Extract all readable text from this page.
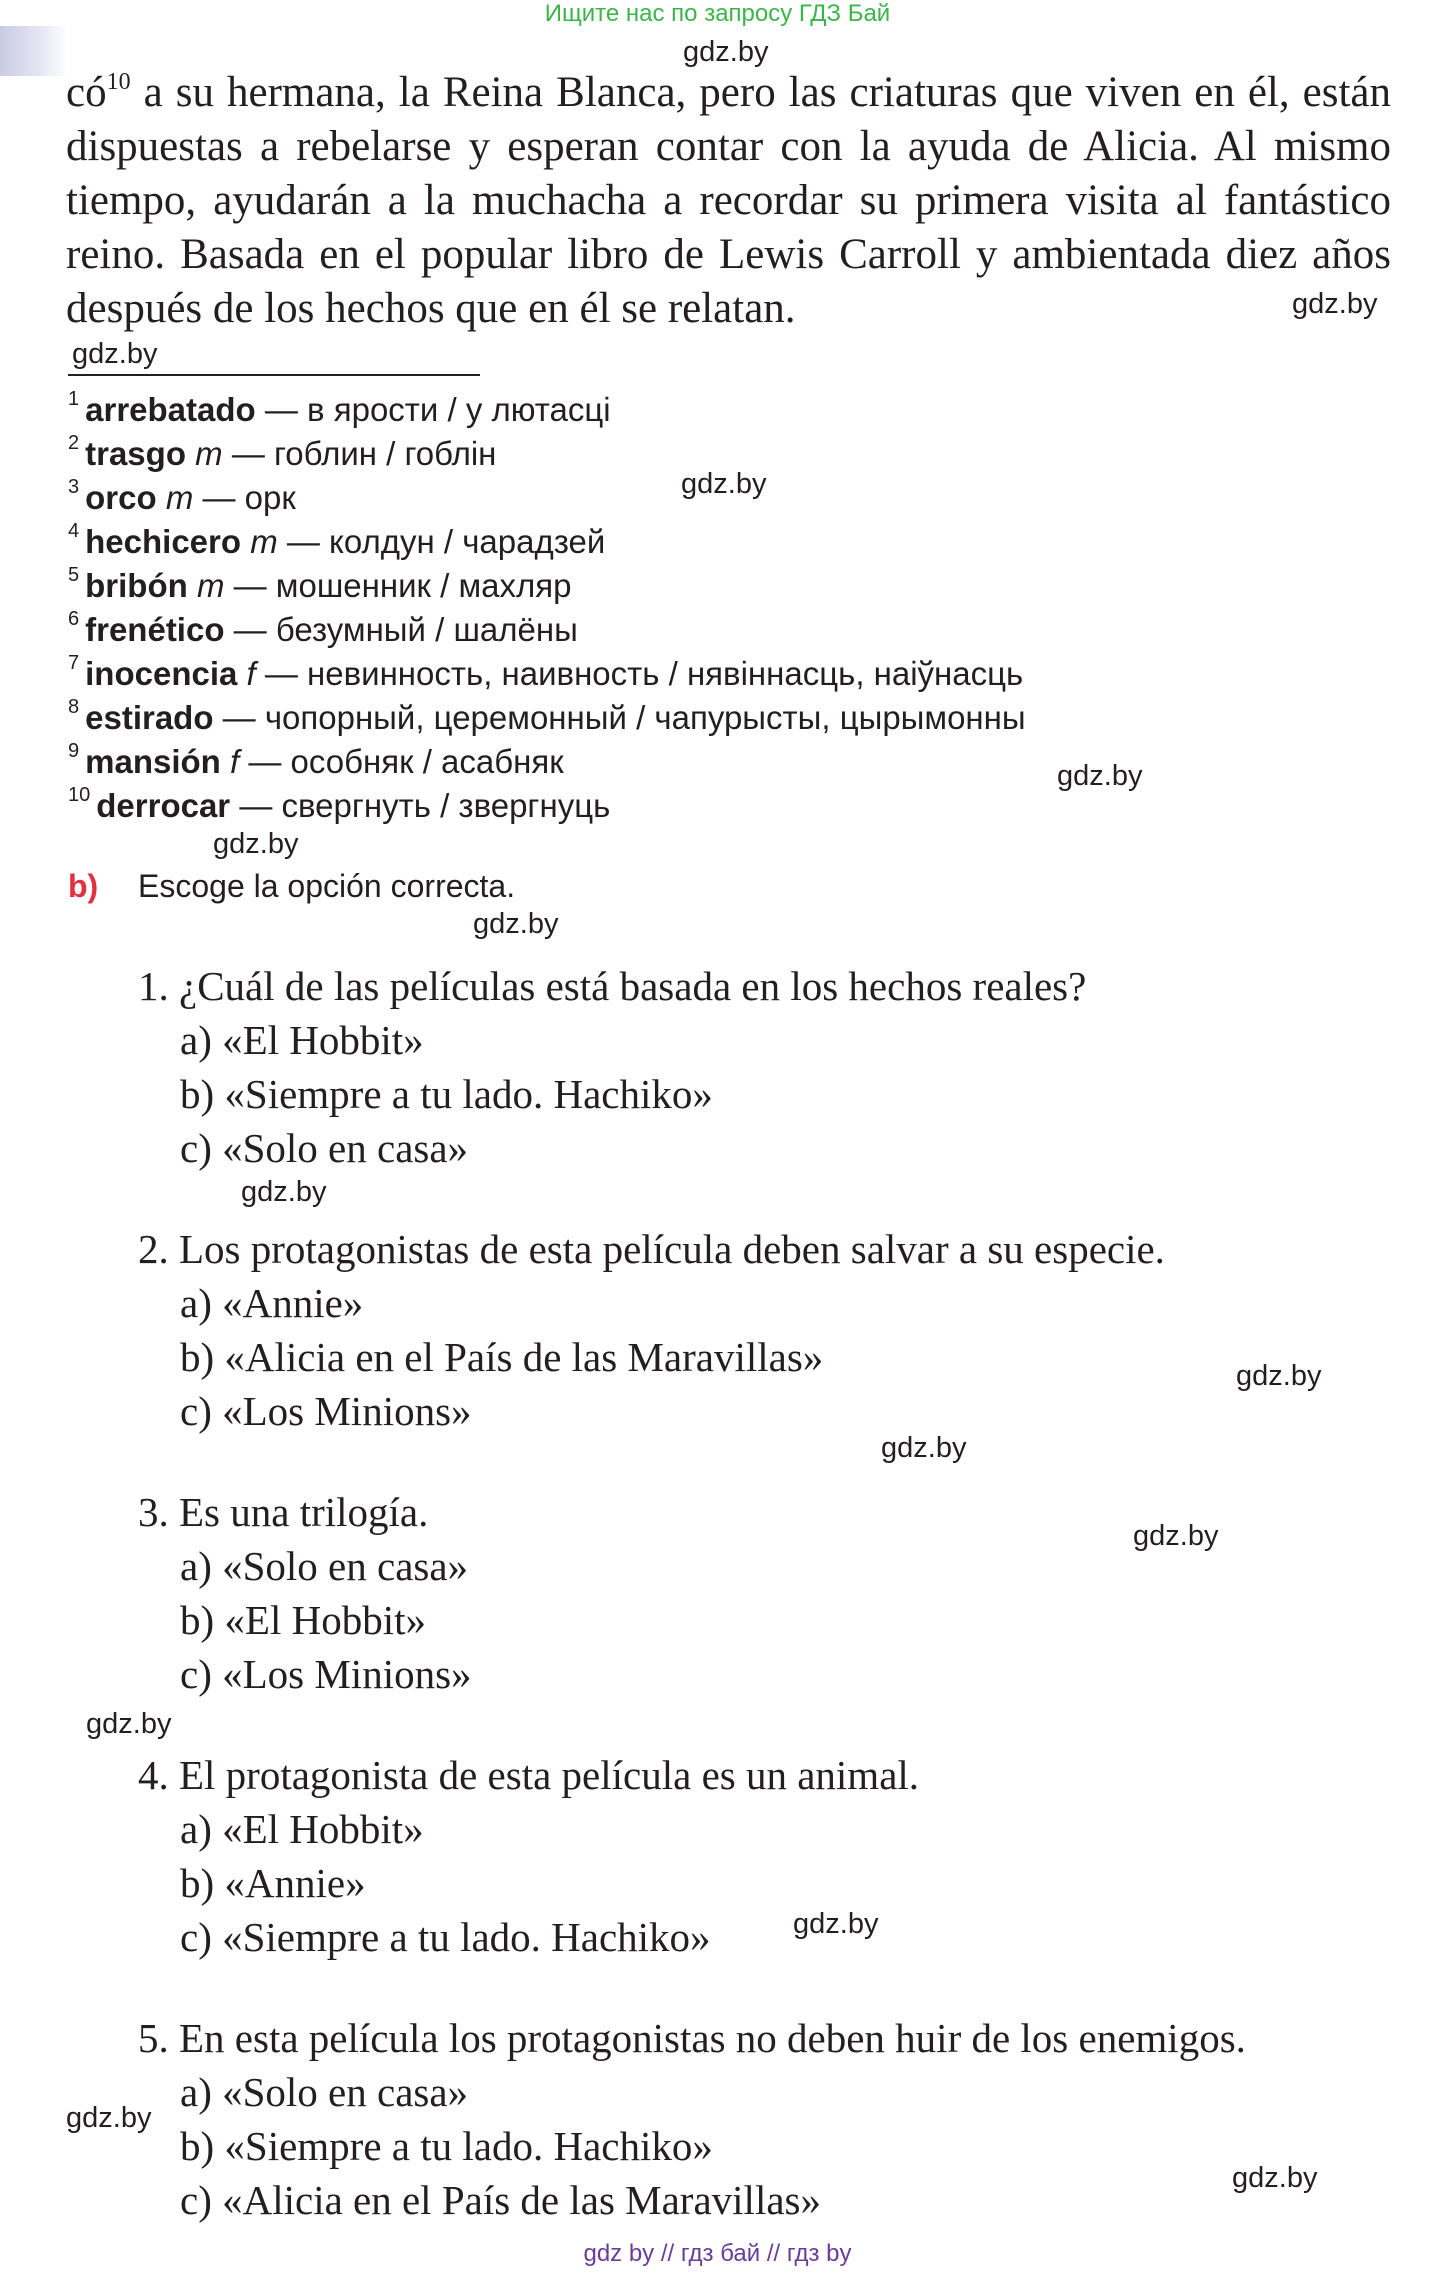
Ищите нас по запросу ГДЗ Бай
gdz.by
$có^{10}$ a su hermana, la Reina Blanca, pero las criaturas que viven en él, están
dispuestas a rebelarse y esperan contar con la ayuda de Alicia. Al mismo
tiempo, ayudarán a la muchacha a recordar su primera visita al fantástico
reino. Basada en el popular libro de Lewis Carroll y ambientada diez años
después de los hechos que en él se relatan.	gdz.by
gdz.by
$^1$ arrebatado — в ярости / у лютасці
$^2$ trasgo m — гоблин / гоблін
$^3$ orco m — орк
$^4$ hechicero m — колдун / чарадзей
$^5$ bribón m — мошенник / махляр
$^6$ frenético — безумный / шалёны
$^7$ inocencia f — невинность, наивность / нявіннасць, наіўнасць
$^8$ estirado — чопорный, церемонный / чапурысты, цырымонны
$^9$ mansión f — особняк / асабняк
$^{10}$ derrocar — свергнуть / звергнуць
gdz.by
gdz.by
gdz.by
b) Escoge la opción correcta.
gdz.by
1. ¿Cuál de las películas está basada en los hechos reales?
a) «El Hobbit»
b) «Siempre a tu lado. Hachiko»
c) «Solo en casa»
2. Los protagonistas de esta película deben salvar a su especie.
a) «Annie»
b) «Alicia en el País de las Maravillas»
c) «Los Minions»
3. Es una trilogía.
a) «Solo en casa»
b) «El Hobbit»
c) «Los Minions»
4. El protagonista de esta película es un animal.
a) «El Hobbit»
b) «Annie»
c) «Siempre a tu lado. Hachiko»
5. En esta película los protagonistas no deben huir de los enemigos.
a) «Solo en casa»
b) «Siempre a tu lado. Hachiko»
c) «Alicia en el País de las Maravillas»
gdz.by
gdz.by
gdz.by
gdz.by
gdz.by
gdz.by
gdz.by
gdz.by
gdz by // гдз бай // гдз by
